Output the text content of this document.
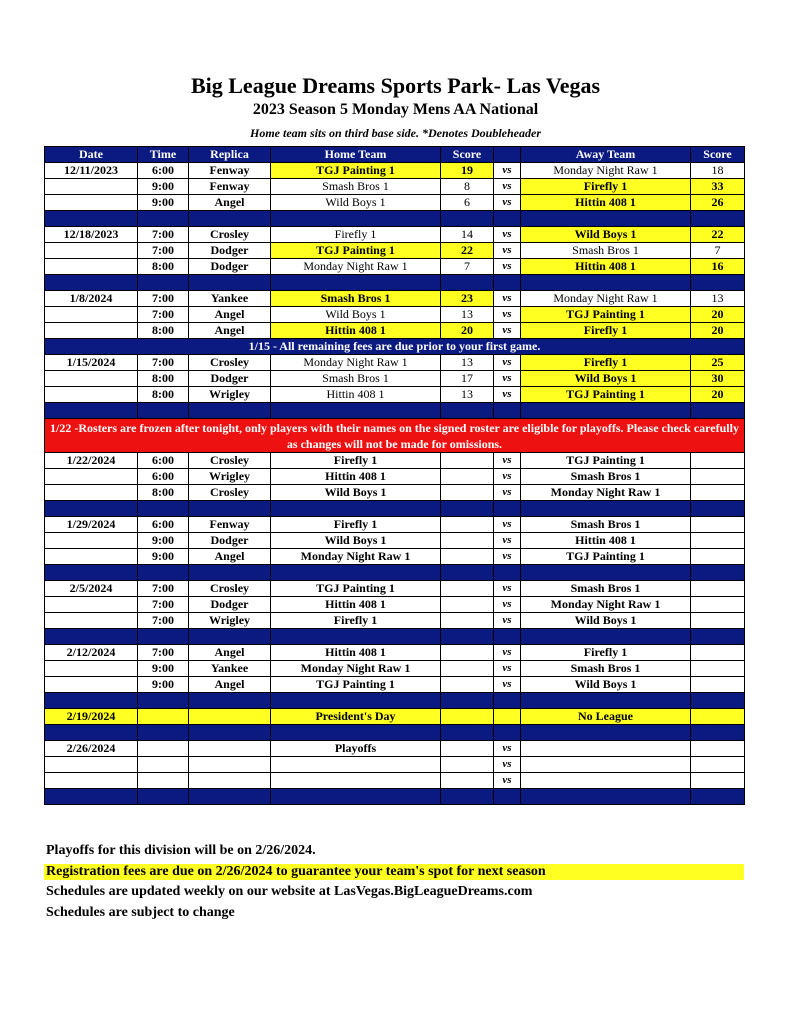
Big League Dreams Sports Park- Las Vegas
2023 Season 5 Monday Mens AA National
Home team sits on third base side. *Denotes Doubleheader
Date	Time	Replica	Home Team	Score		Away Team	Score
12/11/2023	6:00	Fenway	TGJ Painting 1	19	vs	Monday Night Raw 1	18
	9:00	Fenway	Smash Bros 1	8	vs	Firefly 1	33
	9:00	Angel	Wild Boys 1	6	vs	Hittin 408 1	26

12/18/2023	7:00	Crosley	Firefly 1	14	vs	Wild Boys 1	22
	7:00	Dodger	TGJ Painting 1	22	vs	Smash Bros 1	7
	8:00	Dodger	Monday Night Raw 1	7	vs	Hittin 408 1	16

1/8/2024	7:00	Yankee	Smash Bros 1	23	vs	Monday Night Raw 1	13
	7:00	Angel	Wild Boys 1	13	vs	TGJ Painting 1	20
	8:00	Angel	Hittin 408 1	20	vs	Firefly 1	20
1/15 - All remaining fees are due prior to your first game.							
1/15/2024	7:00	Crosley	Monday Night Raw 1	13	vs	Firefly 1	25
	8:00	Dodger	Smash Bros 1	17	vs	Wild Boys 1	30
	8:00	Wrigley	Hittin 408 1	13	vs	TGJ Painting 1	20

1/22 -Rosters are frozen after tonight, only players with their names on the signed roster are eligible for playoffs. Please check carefully as changes will not be made for omissions.							
1/22/2024	6:00	Crosley	Firefly 1		vs	TGJ Painting 1	
	6:00	Wrigley	Hittin 408 1		vs	Smash Bros 1	
	8:00	Crosley	Wild Boys 1		vs	Monday Night Raw 1	

1/29/2024	6:00	Fenway	Firefly 1		vs	Smash Bros 1	
	9:00	Dodger	Wild Boys 1		vs	Hittin 408 1	
	9:00	Angel	Monday Night Raw 1		vs	TGJ Painting 1	

2/5/2024	7:00	Crosley	TGJ Painting 1		vs	Smash Bros 1	
	7:00	Dodger	Hittin 408 1		vs	Monday Night Raw 1	
	7:00	Wrigley	Firefly 1		vs	Wild Boys 1	

2/12/2024	7:00	Angel	Hittin 408 1		vs	Firefly 1	
	9:00	Yankee	Monday Night Raw 1		vs	Smash Bros 1	
	9:00	Angel	TGJ Painting 1		vs	Wild Boys 1	

2/19/2024			President's Day			No League	

2/26/2024			Playoffs		vs		
					vs		
					vs		

Playoffs for this division will be on 2/26/2024.
Registration fees are due on 2/26/2024 to guarantee your team's spot for next season
Schedules are updated weekly on our website at LasVegas.BigLeagueDreams.com
Schedules are subject to change
